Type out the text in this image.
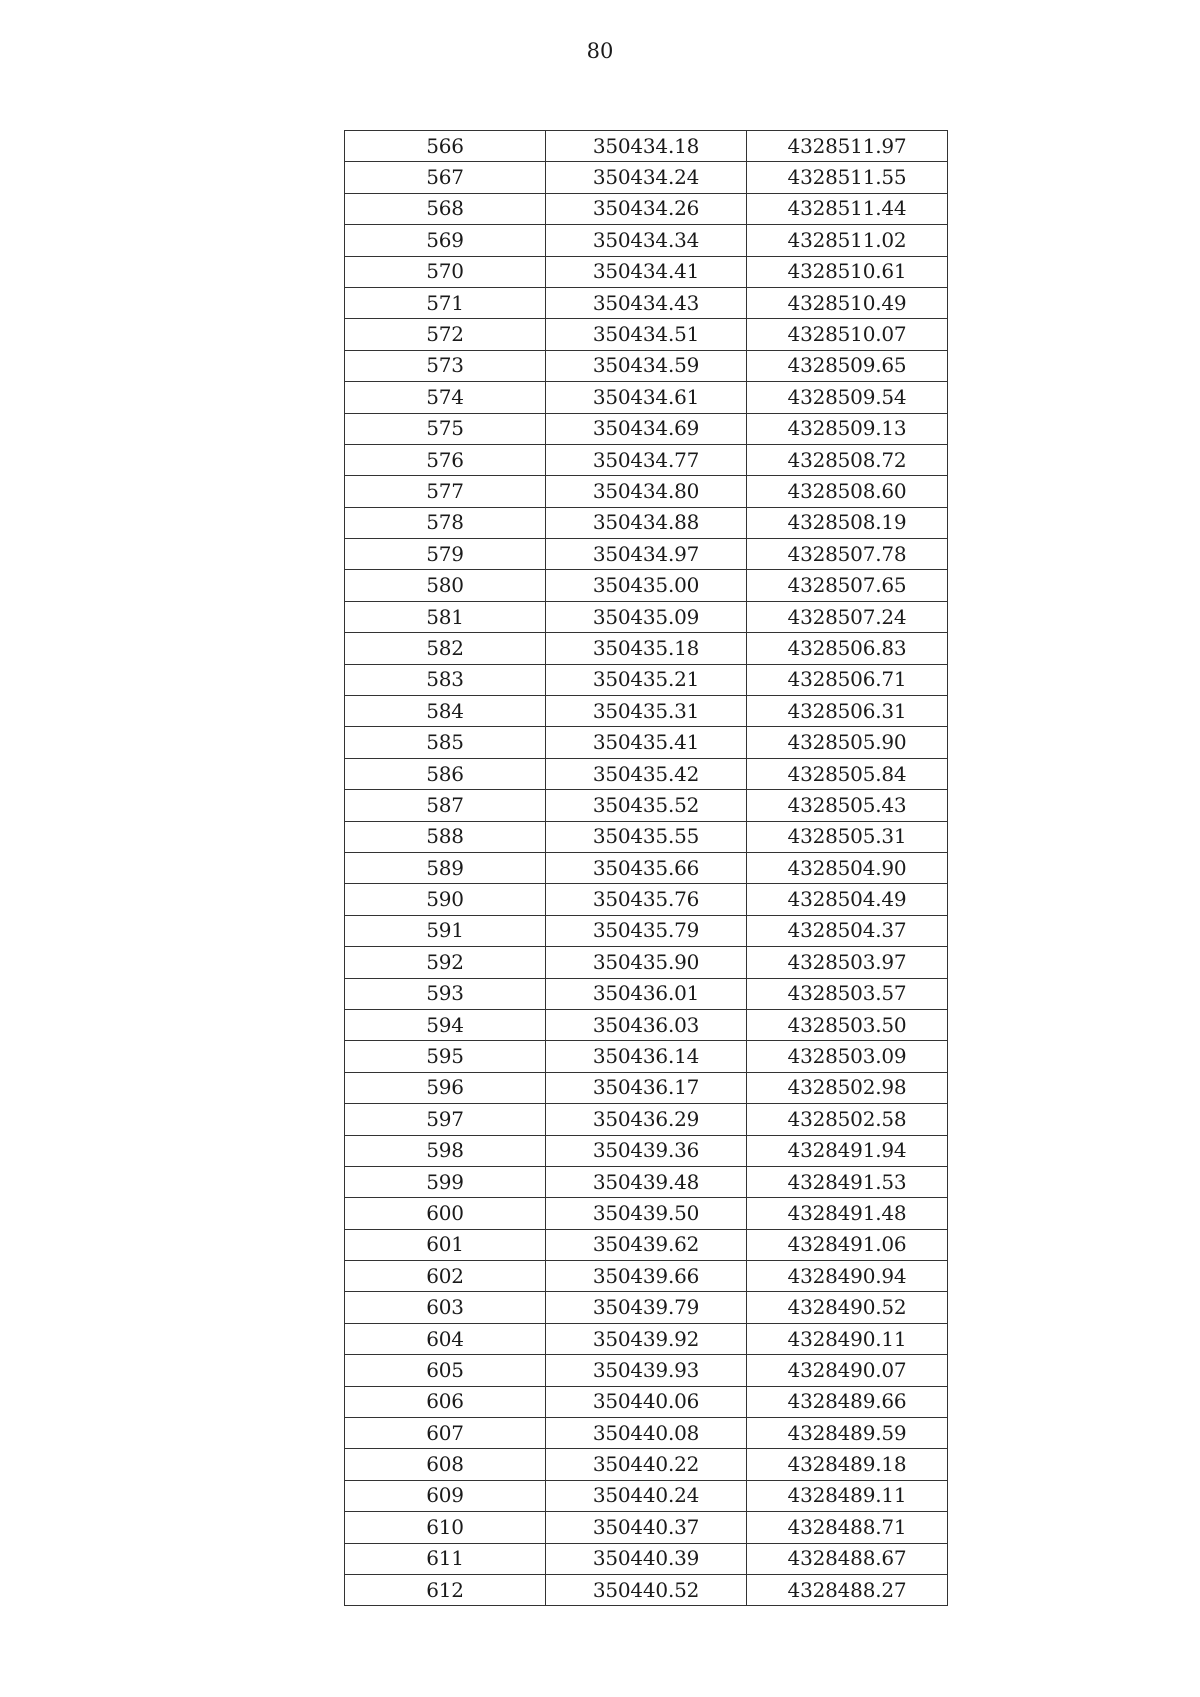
80
566	350434.18	4328511.97
567	350434.24	4328511.55
568	350434.26	4328511.44
569	350434.34	4328511.02
570	350434.41	4328510.61
571	350434.43	4328510.49
572	350434.51	4328510.07
573	350434.59	4328509.65
574	350434.61	4328509.54
575	350434.69	4328509.13
576	350434.77	4328508.72
577	350434.80	4328508.60
578	350434.88	4328508.19
579	350434.97	4328507.78
580	350435.00	4328507.65
581	350435.09	4328507.24
582	350435.18	4328506.83
583	350435.21	4328506.71
584	350435.31	4328506.31
585	350435.41	4328505.90
586	350435.42	4328505.84
587	350435.52	4328505.43
588	350435.55	4328505.31
589	350435.66	4328504.90
590	350435.76	4328504.49
591	350435.79	4328504.37
592	350435.90	4328503.97
593	350436.01	4328503.57
594	350436.03	4328503.50
595	350436.14	4328503.09
596	350436.17	4328502.98
597	350436.29	4328502.58
598	350439.36	4328491.94
599	350439.48	4328491.53
600	350439.50	4328491.48
601	350439.62	4328491.06
602	350439.66	4328490.94
603	350439.79	4328490.52
604	350439.92	4328490.11
605	350439.93	4328490.07
606	350440.06	4328489.66
607	350440.08	4328489.59
608	350440.22	4328489.18
609	350440.24	4328489.11
610	350440.37	4328488.71
611	350440.39	4328488.67
612	350440.52	4328488.27
